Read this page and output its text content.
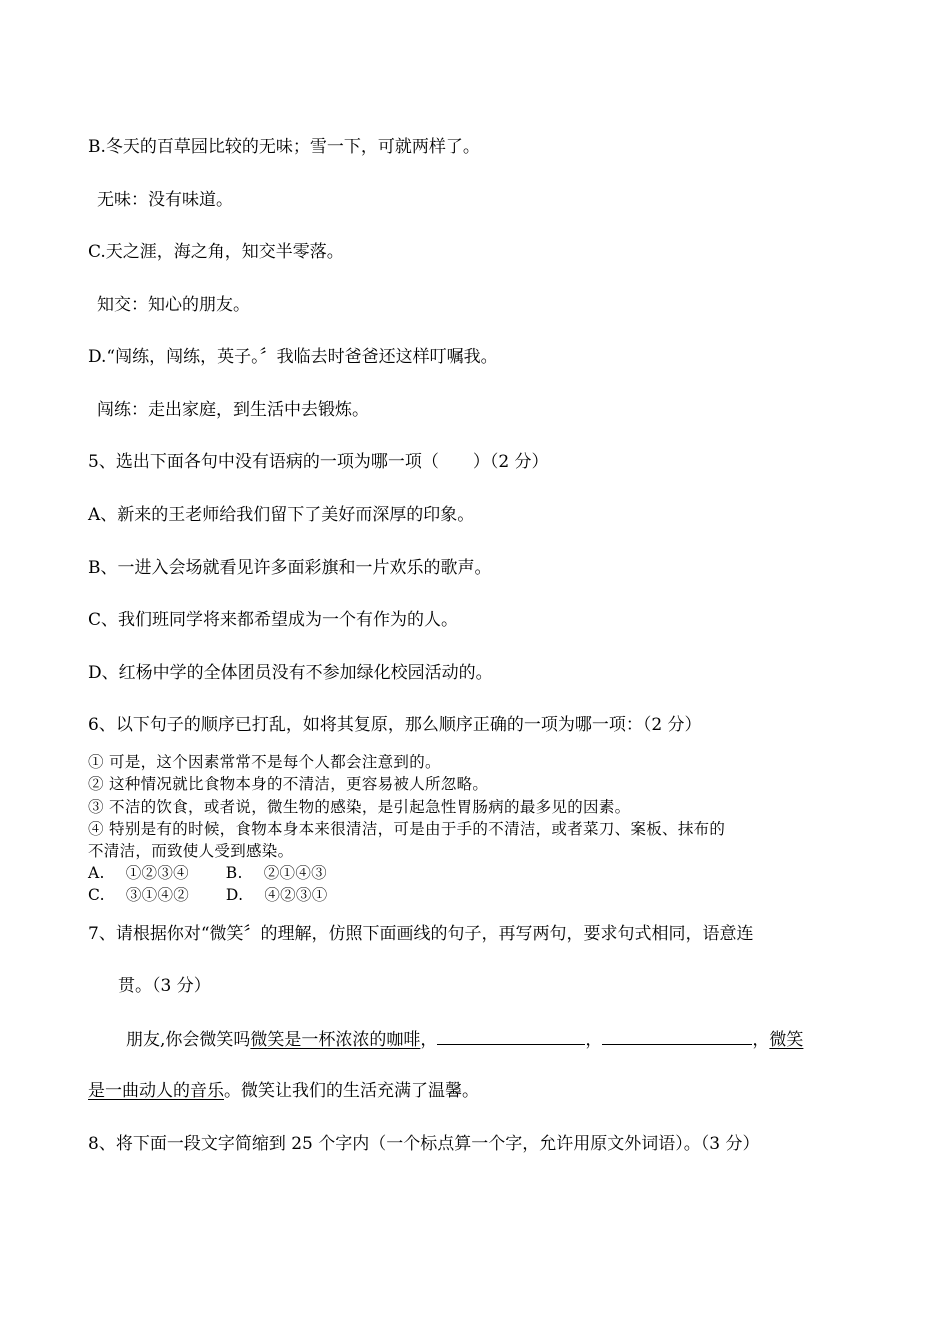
B.冬天的百草园比较的无味；雪一下，可就两样了。
无味：没有味道。
C.天之涯，海之角，知交半零落。
知交：知心的朋友。
D.“闯练，闯练，英子。〞我临去时爸爸还这样叮嘱我。
闯练：走出家庭，到生活中去锻炼。
5、选出下面各句中没有语病的一项为哪一项（　　）（2 分）
A、新来的王老师给我们留下了美好而深厚的印象。
B、一进入会场就看见许多面彩旗和一片欢乐的歌声。
C、我们班同学将来都希望成为一个有作为的人。
D、红杨中学的全体团员没有不参加绿化校园活动的。
6、以下句子的顺序已打乱，如将其复原，那么顺序正确的一项为哪一项：（2 分）
① 可是，这个因素常常不是每个人都会注意到的。
② 这种情况就比食物本身的不清洁，更容易被人所忽略。
③ 不洁的饮食，或者说，微生物的感染，是引起急性胃肠病的最多见的因素。
④ 特别是有的时候，食物本身本来很清洁，可是由于手的不清洁，或者菜刀、案板、抹布的
不清洁，而致使人受到感染。
A.　 ①②③④　　 B.　 ②①④③
C.　 ③①④②　　 D.　 ④②③①
7、请根据你对“微笑〞的理解，仿照下面画线的句子，再写两句，要求句式相同，语意连
贯。（3 分）
朋友,你会微笑吗微笑是一杯浓浓的咖啡，	，	，微笑
是一曲动人的音乐。微笑让我们的生活充满了温馨。
8、将下面一段文字简缩到 25 个字内（一个标点算一个字，允许用原文外词语）。（3 分）
